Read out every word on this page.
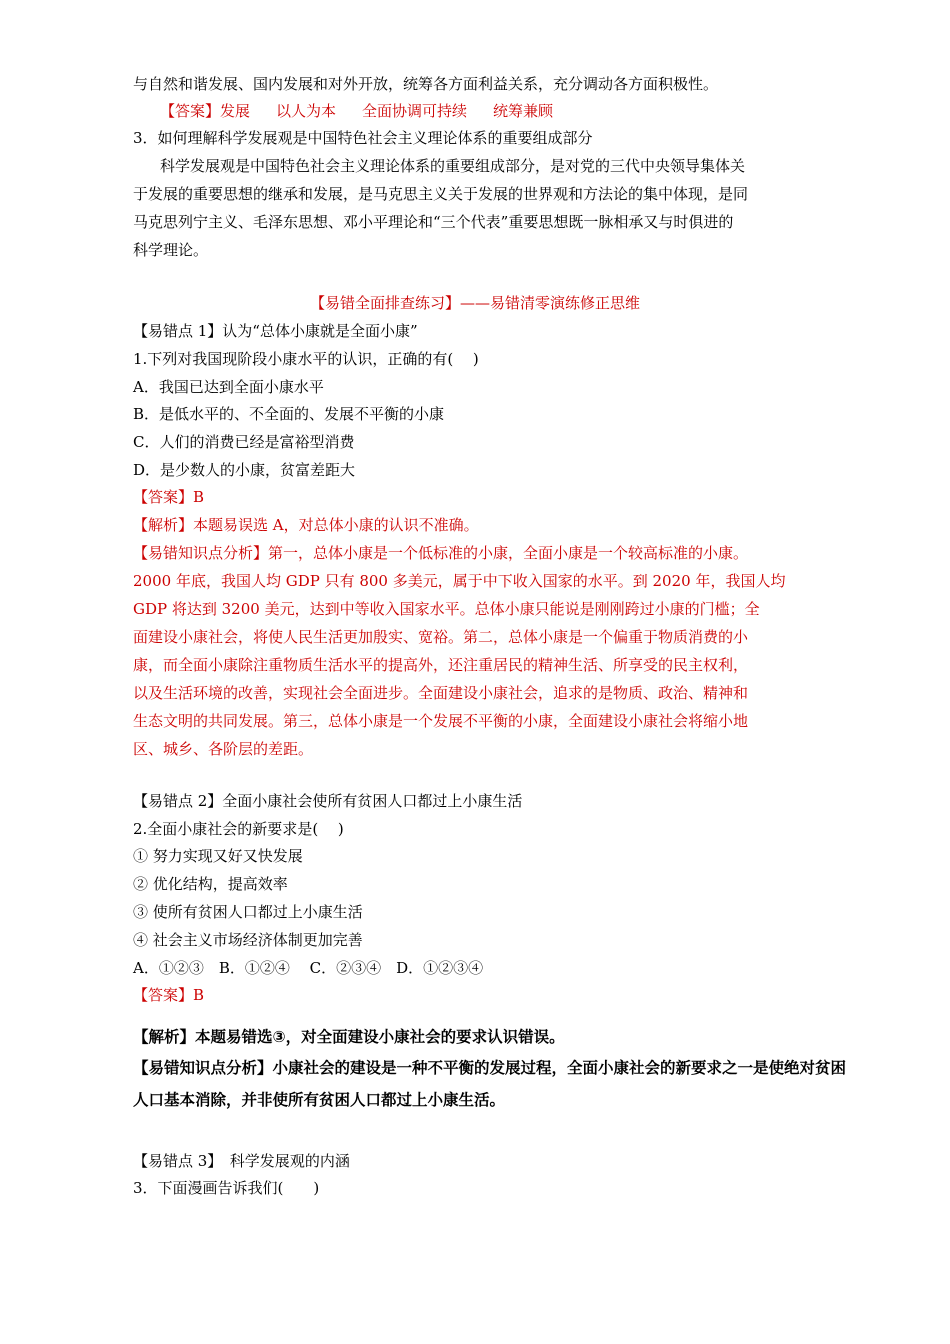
与自然和谐发展、国内发展和对外开放，统筹各方面利益关系，充分调动各方面积极性。
【答案】发展 以人为本 全面协调可持续 统筹兼顾
3．如何理解科学发展观是中国特色社会主义理论体系的重要组成部分
科学发展观是中国特色社会主义理论体系的重要组成部分，是对党的三代中央领导集体关
于发展的重要思想的继承和发展，是马克思主义关于发展的世界观和方法论的集中体现，是同
马克思列宁主义、毛泽东思想、邓小平理论和“三个代表”重要思想既一脉相承又与时俱进的
科学理论。
【易错全面排查练习】——易错清零演练修正思维
【易错点 1】认为“总体小康就是全面小康”
1.下列对我国现阶段小康水平的认识，正确的有(　 )
A．我国已达到全面小康水平
B．是低水平的、不全面的、发展不平衡的小康
C．人们的消费已经是富裕型消费
D．是少数人的小康，贫富差距大
【答案】B
【解析】本题易误选 A，对总体小康的认识不准确。
【易错知识点分析】第一，总体小康是一个低标准的小康，全面小康是一个较高标准的小康。
2000 年底，我国人均 GDP 只有 800 多美元，属于中下收入国家的水平。到 2020 年，我国人均
GDP 将达到 3200 美元，达到中等收入国家水平。总体小康只能说是刚刚跨过小康的门槛；全
面建设小康社会，将使人民生活更加殷实、宽裕。第二，总体小康是一个偏重于物质消费的小
康，而全面小康除注重物质生活水平的提高外，还注重居民的精神生活、所享受的民主权利，
以及生活环境的改善，实现社会全面进步。全面建设小康社会，追求的是物质、政治、精神和
生态文明的共同发展。第三，总体小康是一个发展不平衡的小康，全面建设小康社会将缩小地
区、城乡、各阶层的差距。
【易错点 2】全面小康社会使所有贫困人口都过上小康生活
2.全面小康社会的新要求是(　 )
① 努力实现又好又快发展
② 优化结构，提高效率
③ 使所有贫困人口都过上小康生活
④ 社会主义市场经济体制更加完善
A．①②③　B．①②④　 C．②③④　D．①②③④
【答案】B
【解析】本题易错选③，对全面建设小康社会的要求认识错误。
【易错知识点分析】小康社会的建设是一种不平衡的发展过程，全面小康社会的新要求之一是使绝对贫困
人口基本消除，并非使所有贫困人口都过上小康生活。
【易错点 3】　科学发展观的内涵
3．下面漫画告诉我们(　　)
